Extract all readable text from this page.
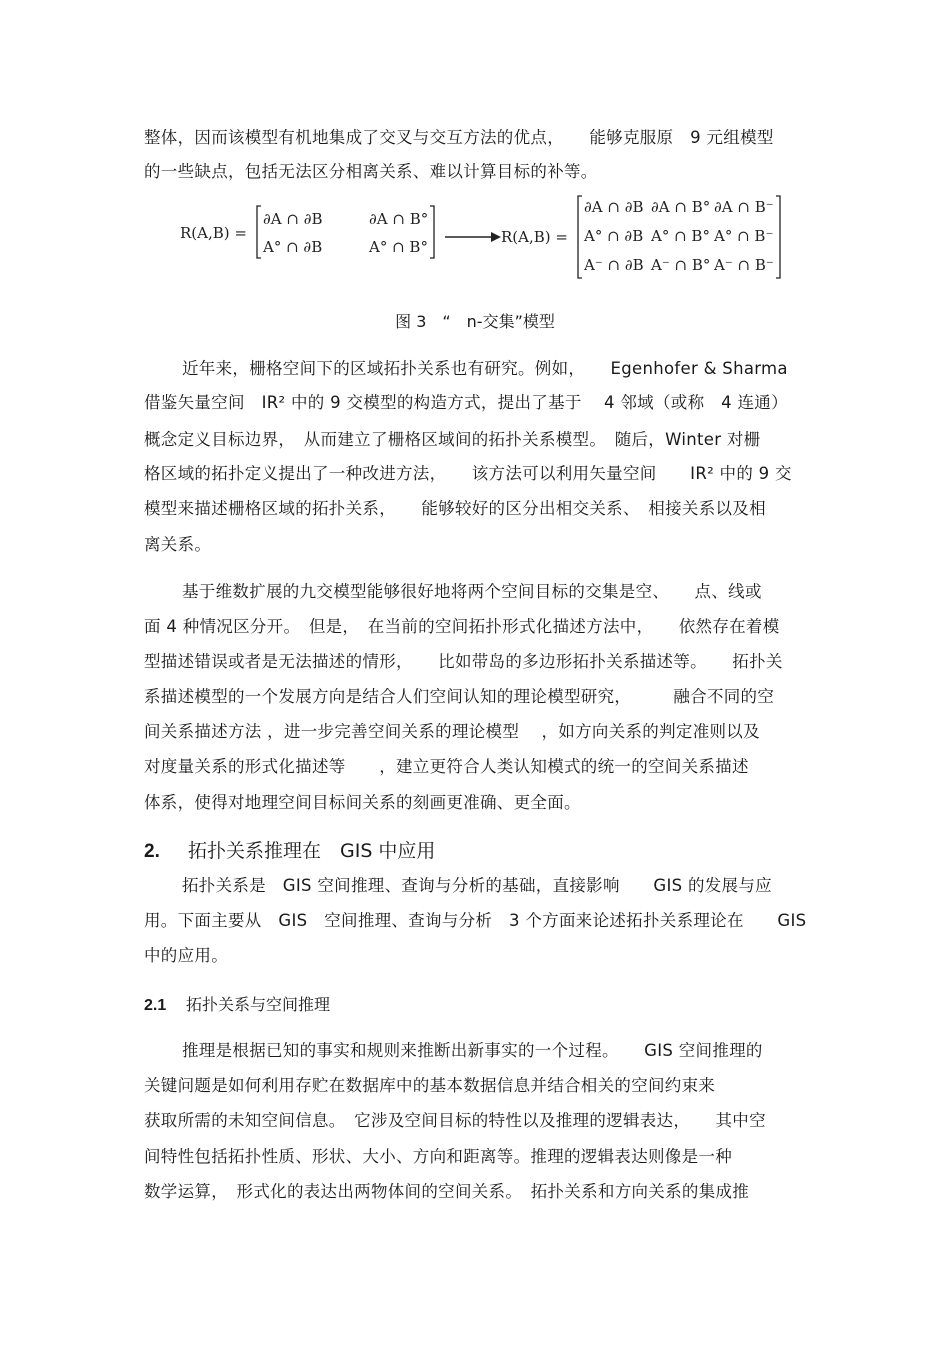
整体，因而该模型有机地集成了交叉与交互方法的优点，　　能够克服原　9 元组模型
的一些缺点，包括无法区分相离关系、难以计算目标的补等。
R(A,B) =
∂A ∩ ∂B	∂A ∩ B°
A° ∩ ∂B	A° ∩ B°
R(A,B) =
∂A ∩ ∂B ∂A ∩ B° ∂A ∩ B⁻
A° ∩ ∂B A° ∩ B° A° ∩ B⁻
A⁻ ∩ ∂B A⁻ ∩ B° A⁻ ∩ B⁻
图 3　“　n-交集”模型
近年来，栅格空间下的区域拓扑关系也有研究。例如，　　Egenhofer & Sharma
借鉴矢量空间　IR² 中的 9 交模型的构造方式，提出了基于　 4 邻域（或称　4 连通）
概念定义目标边界，　从而建立了栅格区域间的拓扑关系模型。　随后，Winter 对栅
格区域的拓扑定义提出了一种改进方法，　　该方法可以利用矢量空间　　IR² 中的 9 交
模型来描述栅格区域的拓扑关系，　　能够较好的区分出相交关系、　相接关系以及相
离关系。
基于维数扩展的九交模型能够很好地将两个空间目标的交集是空、　　点、线或
面 4 种情况区分开。　但是，　在当前的空间拓扑形式化描述方法中，　　依然存在着模
型描述错误或者是无法描述的情形，　　比如带岛的多边形拓扑关系描述等。　　拓扑关
系描述模型的一个发展方向是结合人们空间认知的理论模型研究，　　　融合不同的空
间关系描述方法 ，进一步完善空间关系的理论模型　 ，如方向关系的判定准则以及
对度量关系的形式化描述等　　，建立更符合人类认知模式的统一的空间关系描述
体系，使得对地理空间目标间关系的刻画更准确、更全面。
2. 拓扑关系推理在　GIS 中应用
拓扑关系是　GIS 空间推理、查询与分析的基础，直接影响　　GIS 的发展与应
用。下面主要从　GIS　空间推理、查询与分析　3 个方面来论述拓扑关系理论在　　GIS
中的应用。
2.1 拓扑关系与空间推理
推理是根据已知的事实和规则来推断出新事实的一个过程。　　GIS 空间推理的
关键问题是如何利用存贮在数据库中的基本数据信息并结合相关的空间约束来
获取所需的未知空间信息。　它涉及空间目标的特性以及推理的逻辑表达，　　其中空
间特性包括拓扑性质、形状、大小、方向和距离等。推理的逻辑表达则像是一种
数学运算，　形式化的表达出两物体间的空间关系。　拓扑关系和方向关系的集成推
